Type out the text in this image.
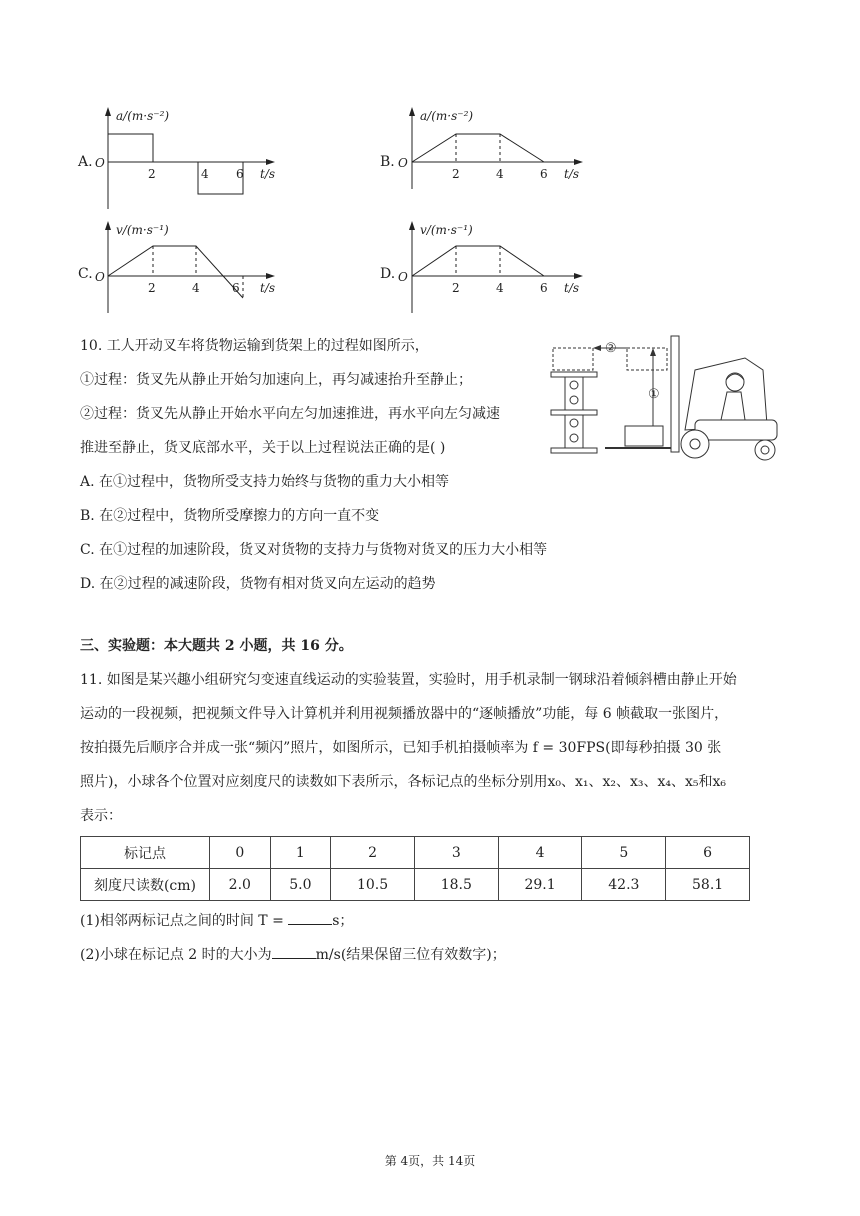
A.
a/(m·s⁻²)
O
2	4 6 t/s
B.
a/(m·s⁻²)
O
2	4	6 t/s
C.
v/(m·s⁻¹)
O
2	4	6 t/s
D.
v/(m·s⁻¹)
O
2	4	6 t/s
10. 工人开动叉车将货物运输到货架上的过程如图所示，
①过程：货叉先从静止开始匀加速向上，再匀减速抬升至静止；
②过程：货叉先从静止开始水平向左匀加速推进，再水平向左匀减速
推进至静止，货叉底部水平，关于以上过程说法正确的是( )
②
①
A. 在①过程中，货物所受支持力始终与货物的重力大小相等
B. 在②过程中，货物所受摩擦力的方向一直不变
C. 在①过程的加速阶段，货叉对货物的支持力与货物对货叉的压力大小相等
D. 在②过程的减速阶段，货物有相对货叉向左运动的趋势
三、实验题：本大题共 2 小题，共 16 分。
11. 如图是某兴趣小组研究匀变速直线运动的实验装置，实验时，用手机录制一钢球沿着倾斜槽由静止开始
运动的一段视频，把视频文件导入计算机并利用视频播放器中的“逐帧播放”功能，每 6 帧截取一张图片，
按拍摄先后顺序合并成一张“频闪”照片，如图所示，已知手机拍摄帧率为 f = 30FPS(即每秒拍摄 30 张
照片)，小球各个位置对应刻度尺的读数如下表所示，各标记点的坐标分别用x₀、x₁、x₂、x₃、x₄、x₅和x₆
表示：
标记点	0	1	2	3	4	5	6
刻度尺读数(cm)	2.0	5.0	10.5	18.5	29.1	42.3	58.1
(1)相邻两标记点之间的时间 T =	s；
(2)小球在标记点 2 时的大小为	m/s(结果保留三位有效数字)；
第 4页，共 14页
